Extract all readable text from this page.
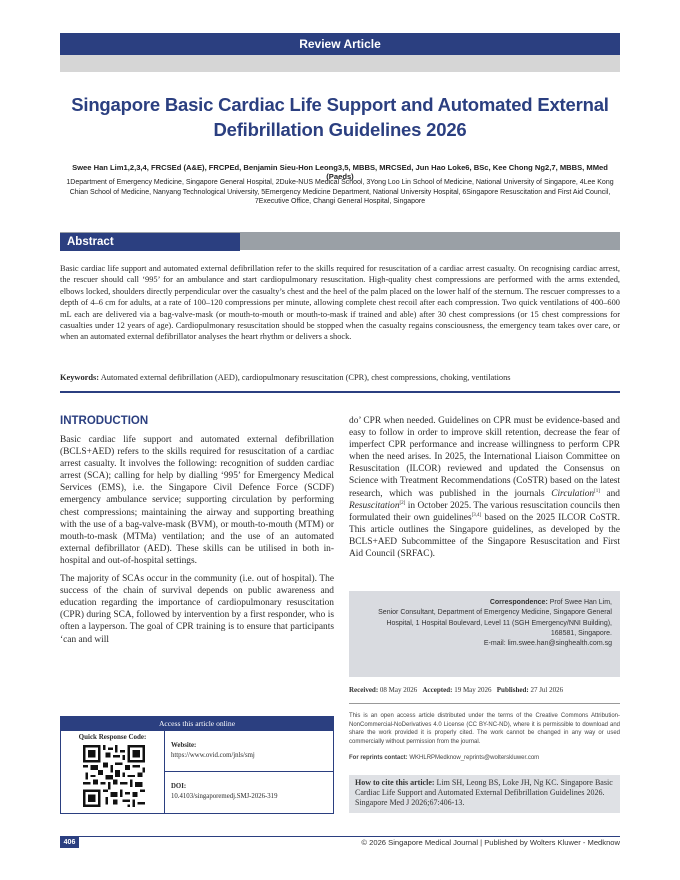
Review Article
Singapore Basic Cardiac Life Support and Automated External Defibrillation Guidelines 2026
Swee Han Lim1,2,3,4, FRCSEd (A&E), FRCPEd, Benjamin Sieu-Hon Leong3,5, MBBS, MRCSEd, Jun Hao Loke6, BSc, Kee Chong Ng2,7, MBBS, MMed (Paeds)
1Department of Emergency Medicine, Singapore General Hospital, 2Duke-NUS Medical School, 3Yong Loo Lin School of Medicine, National University of Singapore, 4Lee Kong Chian School of Medicine, Nanyang Technological University, 5Emergency Medicine Department, National University Hospital, 6Singapore Resuscitation and First Aid Council, 7Executive Office, Changi General Hospital, Singapore
Abstract
Basic cardiac life support and automated external defibrillation refer to the skills required for resuscitation of a cardiac arrest casualty. On recognising cardiac arrest, the rescuer should call ‘995’ for an ambulance and start cardiopulmonary resuscitation. High-quality chest compressions are performed with the arms extended, elbows locked, shoulders directly perpendicular over the casualty’s chest and the heel of the palm placed on the lower half of the sternum. The rescuer compresses to a depth of 4–6 cm for adults, at a rate of 100–120 compressions per minute, allowing complete chest recoil after each compression. Two quick ventilations of 400–600 mL each are delivered via a bag-valve-mask (or mouth-to-mouth or mouth-to-mask if trained and able) after 30 chest compressions (or 15 chest compressions for casualties under 12 years of age). Cardiopulmonary resuscitation should be stopped when the casualty regains consciousness, the emergency team takes over care, or when an automated external defibrillator analyses the heart rhythm or delivers a shock.
Keywords: Automated external defibrillation (AED), cardiopulmonary resuscitation (CPR), chest compressions, choking, ventilations
INTRODUCTION

Basic cardiac life support and automated external defibrillation (BCLS+AED) refers to the skills required for resuscitation of a cardiac arrest casualty. It involves the following: recognition of sudden cardiac arrest (SCA); calling for help by dialling ‘995’ for Emergency Medical Services (EMS), i.e. the Singapore Civil Defence Force (SCDF) emergency ambulance service; supporting circulation by performing chest compressions; maintaining the airway and supporting breathing with the use of a bag-valve-mask (BVM), or mouth-to-mouth (MTM) or mouth-to-mask (MTMa) ventilation; and the use of an automated external defibrillator (AED). These skills can be utilised in both in-hospital and out-of-hospital settings.

The majority of SCAs occur in the community (i.e. out of hospital). The success of the chain of survival depends on public awareness and education regarding the importance of cardiopulmonary resuscitation (CPR) during SCA, followed by intervention by a first responder, who is often a layperson. The goal of CPR training is to ensure that participants ‘can and will

do’ CPR when needed. Guidelines on CPR must be evidence-based and easy to follow in order to improve skill retention, decrease the fear of imperfect CPR performance and increase willingness to perform CPR when the need arises. In 2025, the International Liaison Committee on Resuscitation (ILCOR) reviewed and updated the Consensus on Science with Treatment Recommendations (CoSTR) based on the latest research, which was published in the journals Circulation[1] and Resuscitation[2] in October 2025. The various resuscitation councils then formulated their own guidelines[3,4] based on the 2025 ILCOR CoSTR. This article outlines the Singapore guidelines, as developed by the BCLS+AED Subcommittee of the Singapore Resuscitation and First Aid Council (SRFAC).
Correspondence: Prof Swee Han Lim,
Senior Consultant, Department of Emergency Medicine, Singapore General
Hospital, 1 Hospital Boulevard, Level 11 (SGH Emergency/NNI Building),
168581, Singapore.
E-mail: lim.swee.han@singhealth.com.sg
Received: 08 May 2026 Accepted: 19 May 2026 Published: 27 Jul 2026
This is an open access article distributed under the terms of the Creative Commons Attribution-NonCommercial-NoDerivatives 4.0 License (CC BY-NC-ND), where it is permissible to download and share the work provided it is properly cited. The work cannot be changed in any way or used commercially without permission from the journal.
For reprints contact: WKHLRPMedknow_reprints@wolterskluwer.com
How to cite this article: Lim SH, Leong BS, Loke JH, Ng KC. Singapore Basic Cardiac Life Support and Automated External Defibrillation Guidelines 2026. Singapore Med J 2026;67:406-13.
Access this article online
Quick Response Code:
Website:
https://www.ovid.com/jnls/smj
DOI:
10.4103/singaporemedj.SMJ-2026-319
406	© 2026 Singapore Medical Journal | Published by Wolters Kluwer - Medknow
